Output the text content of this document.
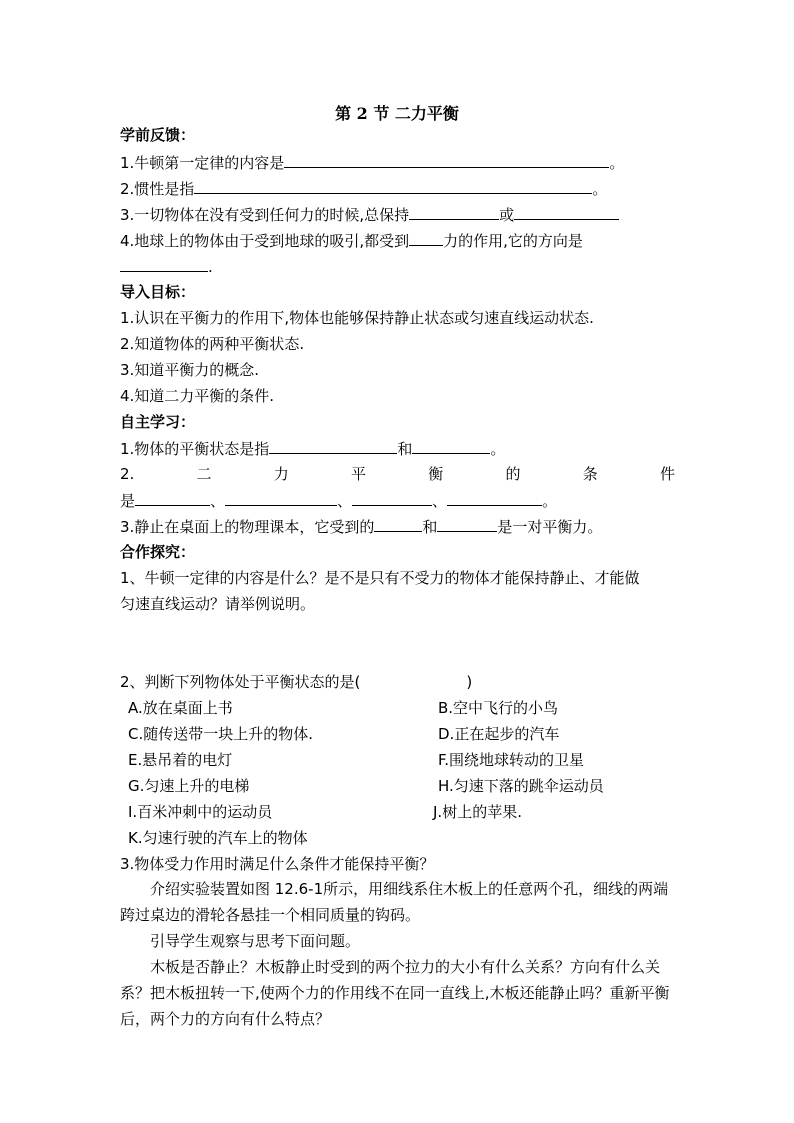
第 2 节 二力平衡
学前反馈：
1.牛顿第一定律的内容是	。
2.惯性是指	。
3.一切物体在没有受到任何力的时候,总保持	或
4.地球上的物体由于受到地球的吸引,都受到 力的作用,它的方向是
.
导入目标：
1.认识在平衡力的作用下,物体也能够保持静止状态或匀速直线运动状态.
2.知道物体的两种平衡状态.
3.知道平衡力的概念.
4.知道二力平衡的条件.
自主学习：
1.物体的平衡状态是指	和	。
2.	二	力	平	衡	的	条	件
是	、	、	、	。
3.静止在桌面上的物理课本，它受到的	和	是一对平衡力。
合作探究：
1、牛顿一定律的内容是什么？是不是只有不受力的物体才能保持静止、才能做
匀速直线运动？请举例说明。
2、判断下列物体处于平衡状态的是(	)
A.放在桌面上书	B.空中飞行的小鸟
C.随传送带一块上升的物体.	D.正在起步的汽车
E.悬吊着的电灯	F.围绕地球转动的卫星
G.匀速上升的电梯	H.匀速下落的跳伞运动员
I.百米冲刺中的运动员	J.树上的苹果.
K.匀速行驶的汽车上的物体
3.物体受力作用时满足什么条件才能保持平衡？
介绍实验装置如图 12.6-1所示，用细线系住木板上的任意两个孔，细线的两端跨过桌边的滑轮各悬挂一个相同质量的钩码。
引导学生观察与思考下面问题。
木板是否静止？木板静止时受到的两个拉力的大小有什么关系？方向有什么关系？把木板扭转一下,使两个力的作用线不在同一直线上,木板还能静止吗？重新平衡后，两个力的方向有什么特点？
